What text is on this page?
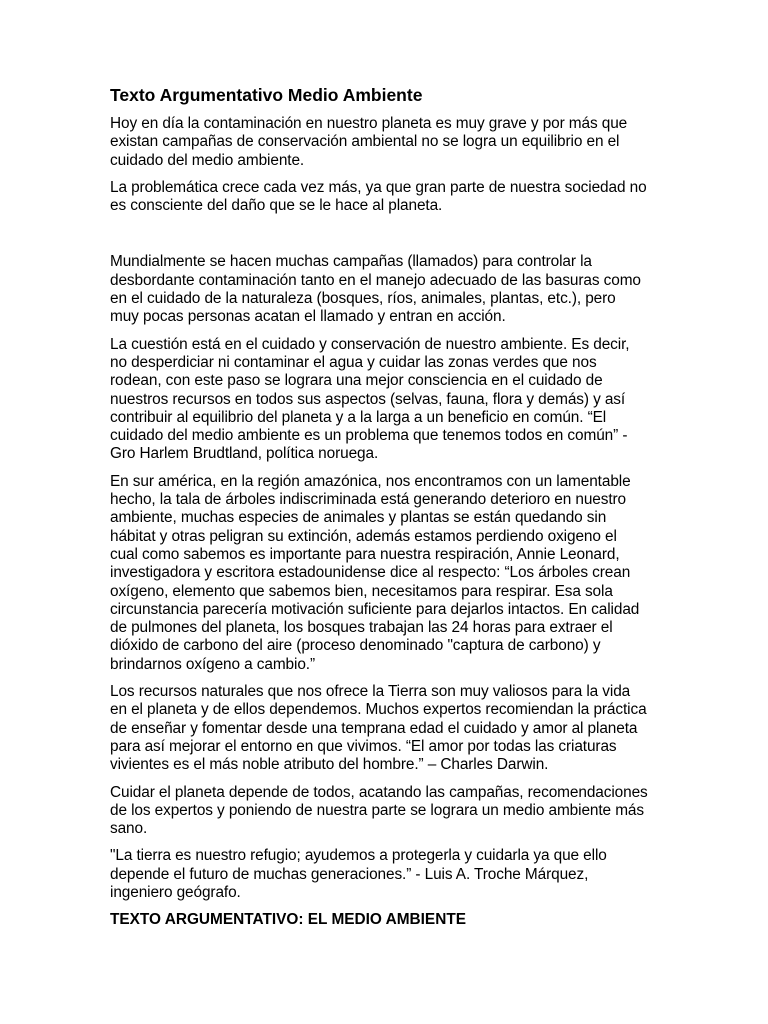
Texto Argumentativo Medio Ambiente

Hoy en día la contaminación en nuestro planeta es muy grave y por más que
existan campañas de conservación ambiental no se logra un equilibrio en el
cuidado del medio ambiente.

La problemática crece cada vez más, ya que gran parte de nuestra sociedad no
es consciente del daño que se le hace al planeta.

Mundialmente se hacen muchas campañas (llamados) para controlar la
desbordante contaminación tanto en el manejo adecuado de las basuras como
en el cuidado de la naturaleza (bosques, ríos, animales, plantas, etc.), pero
muy pocas personas acatan el llamado y entran en acción.

La cuestión está en el cuidado y conservación de nuestro ambiente. Es decir,
no desperdiciar ni contaminar el agua y cuidar las zonas verdes que nos
rodean, con este paso se lograra una mejor consciencia en el cuidado de
nuestros recursos en todos sus aspectos (selvas, fauna, flora y demás) y así
contribuir al equilibrio del planeta y a la larga a un beneficio en común. “El
cuidado del medio ambiente es un problema que tenemos todos en común” -
Gro Harlem Brudtland, política noruega.

En sur américa, en la región amazónica, nos encontramos con un lamentable
hecho, la tala de árboles indiscriminada está generando deterioro en nuestro
ambiente, muchas especies de animales y plantas se están quedando sin
hábitat y otras peligran su extinción, además estamos perdiendo oxigeno el
cual como sabemos es importante para nuestra respiración, Annie Leonard,
investigadora y escritora estadounidense dice al respecto: “Los árboles crean
oxígeno, elemento que sabemos bien, necesitamos para respirar. Esa sola
circunstancia parecería motivación suficiente para dejarlos intactos. En calidad
de pulmones del planeta, los bosques trabajan las 24 horas para extraer el
dióxido de carbono del aire (proceso denominado "captura de carbono) y
brindarnos oxígeno a cambio.”

Los recursos naturales que nos ofrece la Tierra son muy valiosos para la vida
en el planeta y de ellos dependemos. Muchos expertos recomiendan la práctica
de enseñar y fomentar desde una temprana edad el cuidado y amor al planeta
para así mejorar el entorno en que vivimos. “El amor por todas las criaturas
vivientes es el más noble atributo del hombre.” – Charles Darwin.

Cuidar el planeta depende de todos, acatando las campañas, recomendaciones
de los expertos y poniendo de nuestra parte se lograra un medio ambiente más
sano.

"La tierra es nuestro refugio; ayudemos a protegerla y cuidarla ya que ello
depende el futuro de muchas generaciones.” - Luis A. Troche Márquez,
ingeniero geógrafo.

TEXTO ARGUMENTATIVO: EL MEDIO AMBIENTE
